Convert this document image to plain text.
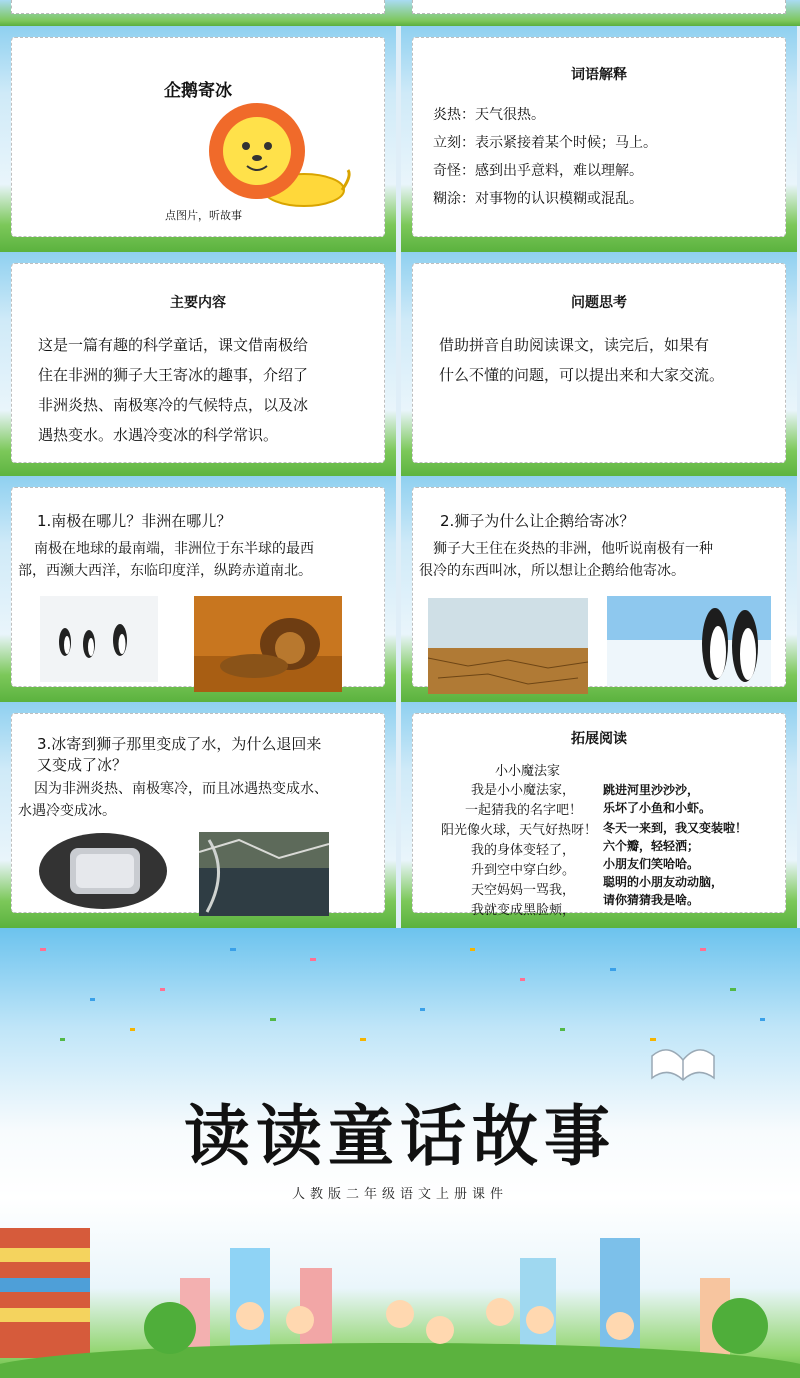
企鹅寄冰
点图片，听故事
词语解释
炎热：天气很热。
立刻：表示紧接着某个时候；马上。
奇怪：感到出乎意料，难以理解。
糊涂：对事物的认识模糊或混乱。
主要内容
这是一篇有趣的科学童话，课文借南极给
住在非洲的狮子大王寄冰的趣事，介绍了
非洲炎热、南极寒冷的气候特点，以及冰
遇热变水。水遇冷变冰的科学常识。
问题思考
借助拼音自助阅读课文，读完后，如果有
什么不懂的问题，可以提出来和大家交流。
1.南极在哪儿？非洲在哪儿？
南极在地球的最南端，非洲位于东半球的最西
部，西濒大西洋，东临印度洋，纵跨赤道南北。
2.狮子为什么让企鹅给寄冰？
狮子大王住在炎热的非洲，他听说南极有一种
很冷的东西叫冰，所以想让企鹅给他寄冰。
3.冰寄到狮子那里变成了水，为什么退回来
又变成了冰？
因为非洲炎热、南极寒冷，而且冰遇热变成水、
水遇冷变成冰。
拓展阅读
小小魔法家
我是小小魔法家，
一起猜我的名字吧！
阳光像火球，天气好热呀！
我的身体变轻了，
升到空中穿白纱。
天空妈妈一骂我，
我就变成黑脸颊，
跳进河里沙沙沙，
乐坏了小鱼和小虾。
冬天一来到，我又变装啦！
六个瓣，轻轻洒；
小朋友们笑哈哈。
聪明的小朋友动动脑，
请你猜猜我是啥。
读读童话故事
人教版二年级语文上册课件
